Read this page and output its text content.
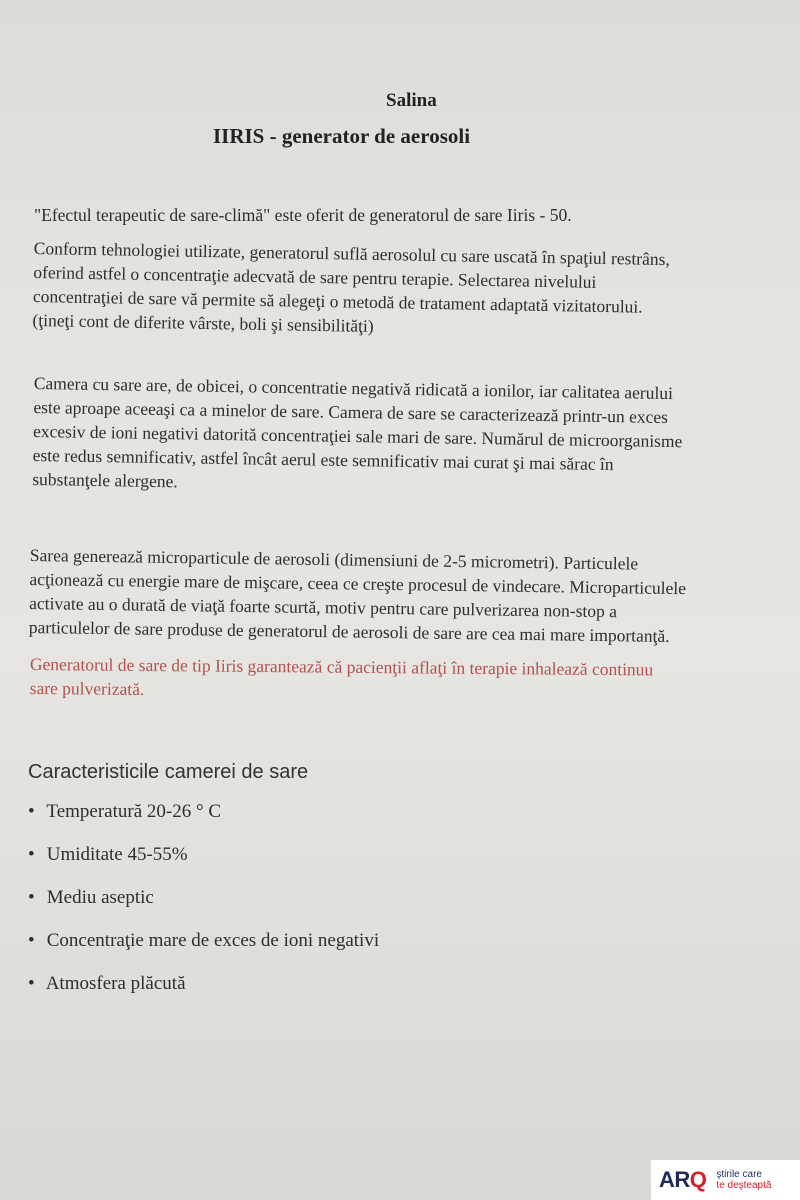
Salina
IIRIS - generator de aerosoli

"Efectul terapeutic de sare-climă" este oferit de generatorul de sare Iiris - 50.

Conform tehnologiei utilizate, generatorul suflă aerosolul cu sare uscată în spaţiul restrâns,
oferind astfel o concentraţie adecvată de sare pentru terapie. Selectarea nivelului
concentraţiei de sare vă permite să alegeţi o metodă de tratament adaptată vizitatorului.
(ţineţi cont de diferite vârste, boli şi sensibilităţi)

Camera cu sare are, de obicei, o concentratie negativă ridicată a ionilor, iar calitatea aerului
este aproape aceeaşi ca a minelor de sare. Camera de sare se caracterizează printr-un exces
excesiv de ioni negativi datorită concentraţiei sale mari de sare. Numărul de microorganisme
este redus semnificativ, astfel încât aerul este semnificativ mai curat şi mai sărac în
substanţele alergene.

Sarea generează microparticule de aerosoli (dimensiuni de 2-5 micrometri). Particulele
acţionează cu energie mare de mişcare, ceea ce creşte procesul de vindecare. Microparticulele
activate au o durată de viaţă foarte scurtă, motiv pentru care pulverizarea non-stop a
particulelor de sare produse de generatorul de aerosoli de sare are cea mai mare importanţă.

Generatorul de sare de tip Iiris garantează că pacienţii aflaţi în terapie inhalează continuu
sare pulverizată.

Caracteristicile camerei de sare
• Temperatură 20-26 ° C
• Umiditate 45-55%
• Mediu aseptic
• Concentraţie mare de exces de ioni negativi
• Atmosfera plăcută
ARQ ştirile care
te deşteaptă
